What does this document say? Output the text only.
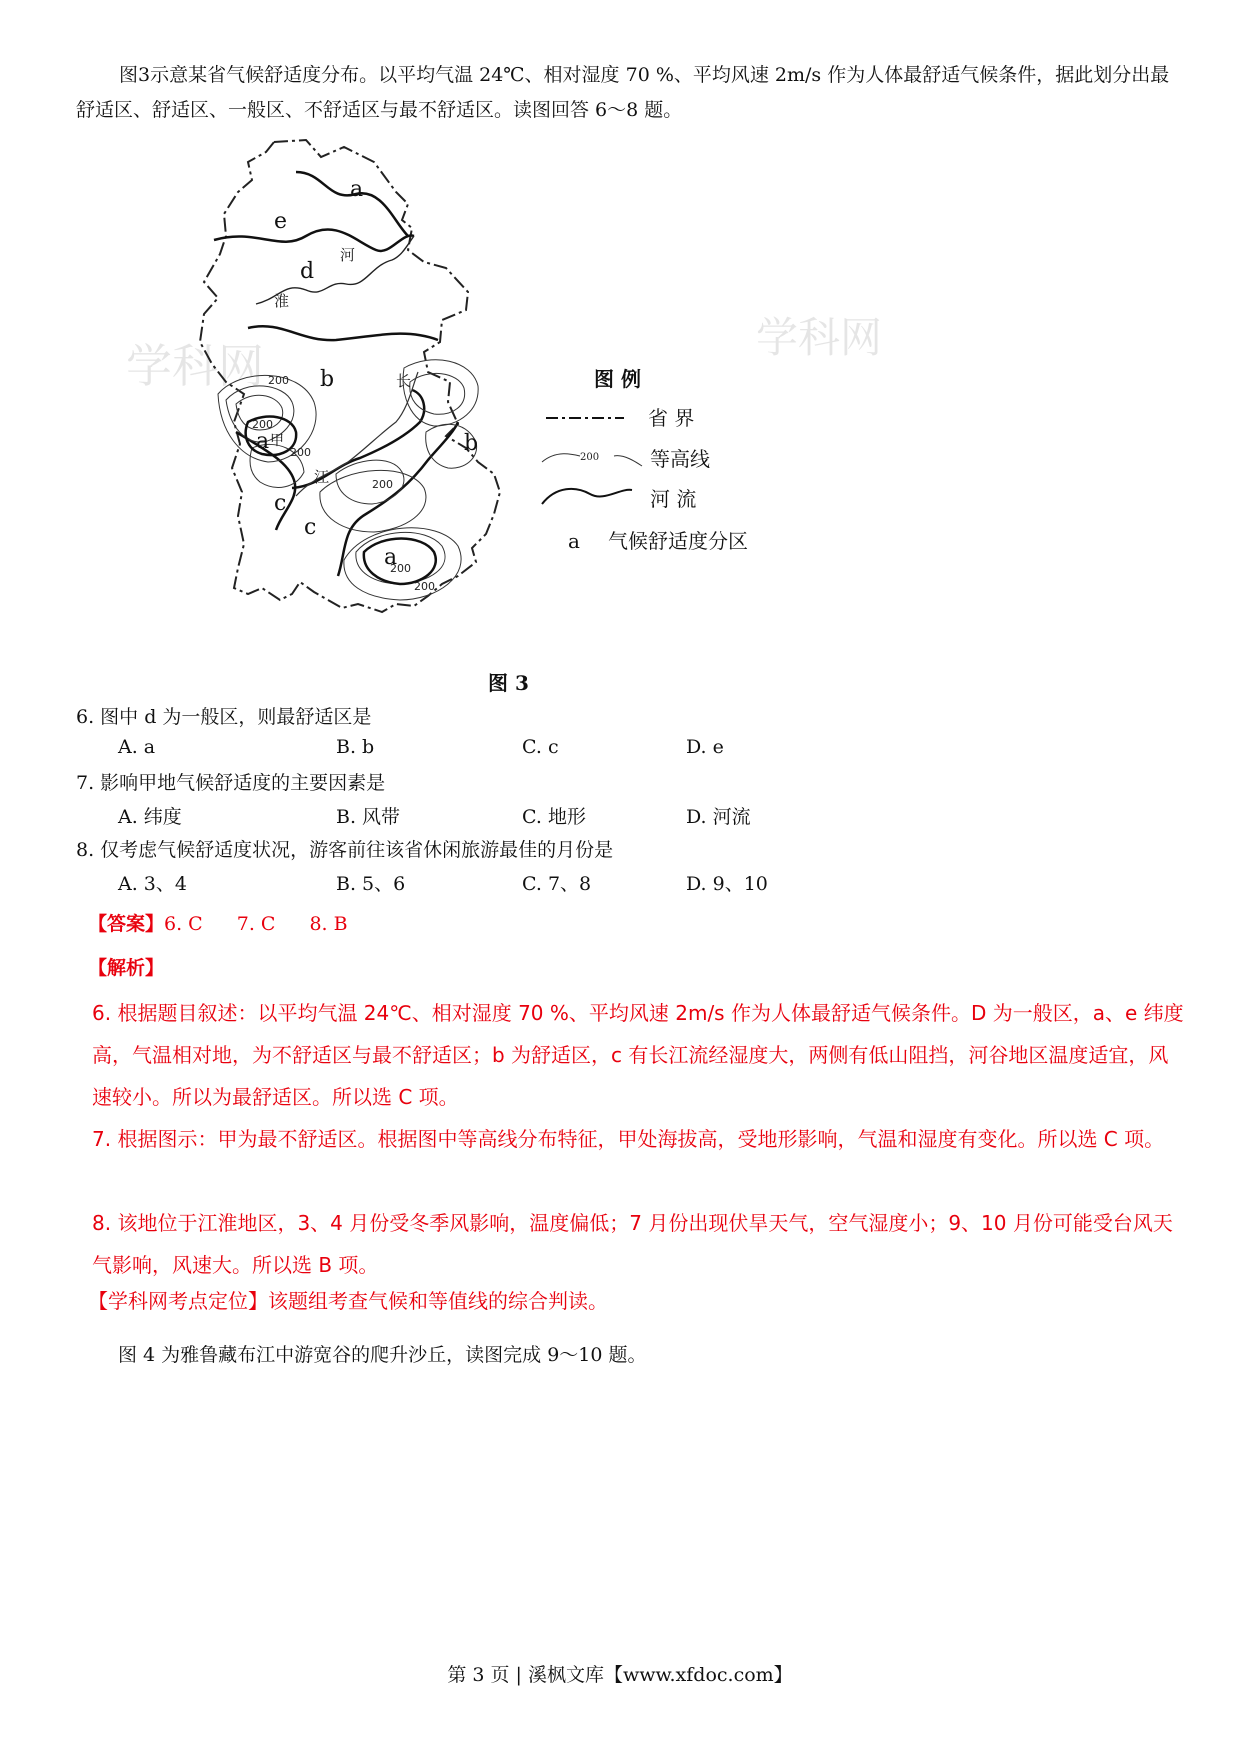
图3示意某省气候舒适度分布。以平均气温 24℃、相对湿度 70 %、平均风速 2m/s 作为人体最舒适气候条件，据此划分出最舒适区、舒适区、一般区、不舒适区与最不舒适区。读图回答 6～8 题。

学科网
学科网
200
200
200
200
200
200
a
e
d
b
a	b
c
a
c
甲
河
淮
长
江
图 例
省 界
200	等高线
河 流
a 气候舒适度分区
图 3
6. 图中 d 为一般区，则最舒适区是
A. a	B. b	C. c	D. e
7. 影响甲地气候舒适度的主要因素是
A. 纬度	B. 风带	C. 地形	D. 河流
8. 仅考虑气候舒适度状况，游客前往该省休闲旅游最佳的月份是
A. 3、4	B. 5、6	C. 7、8	D. 9、10
【答案】6. C 7. C 8. B
【解析】

6. 根据题目叙述：以平均气温 24℃、相对湿度 70 %、平均风速 2m/s 作为人体最舒适气候条件。D 为一般区，a、e 纬度高，气温相对地，为不舒适区与最不舒适区；b 为舒适区，c 有长江流经湿度大，两侧有低山阻挡，河谷地区温度适宜，风速较小。所以为最舒适区。所以选 C 项。

7. 根据图示：甲为最不舒适区。根据图中等高线分布特征，甲处海拔高，受地形影响，气温和湿度有变化。所以选 C 项。

8. 该地位于江淮地区，3、4 月份受冬季风影响，温度偏低；7 月份出现伏旱天气，空气湿度小；9、10 月份可能受台风天气影响，风速大。所以选 B 项。

【学科网考点定位】该题组考查气候和等值线的综合判读。
图 4 为雅鲁藏布江中游宽谷的爬升沙丘，读图完成 9～10 题。
第 3 页 | 溪枫文库【www.xfdoc.com】
